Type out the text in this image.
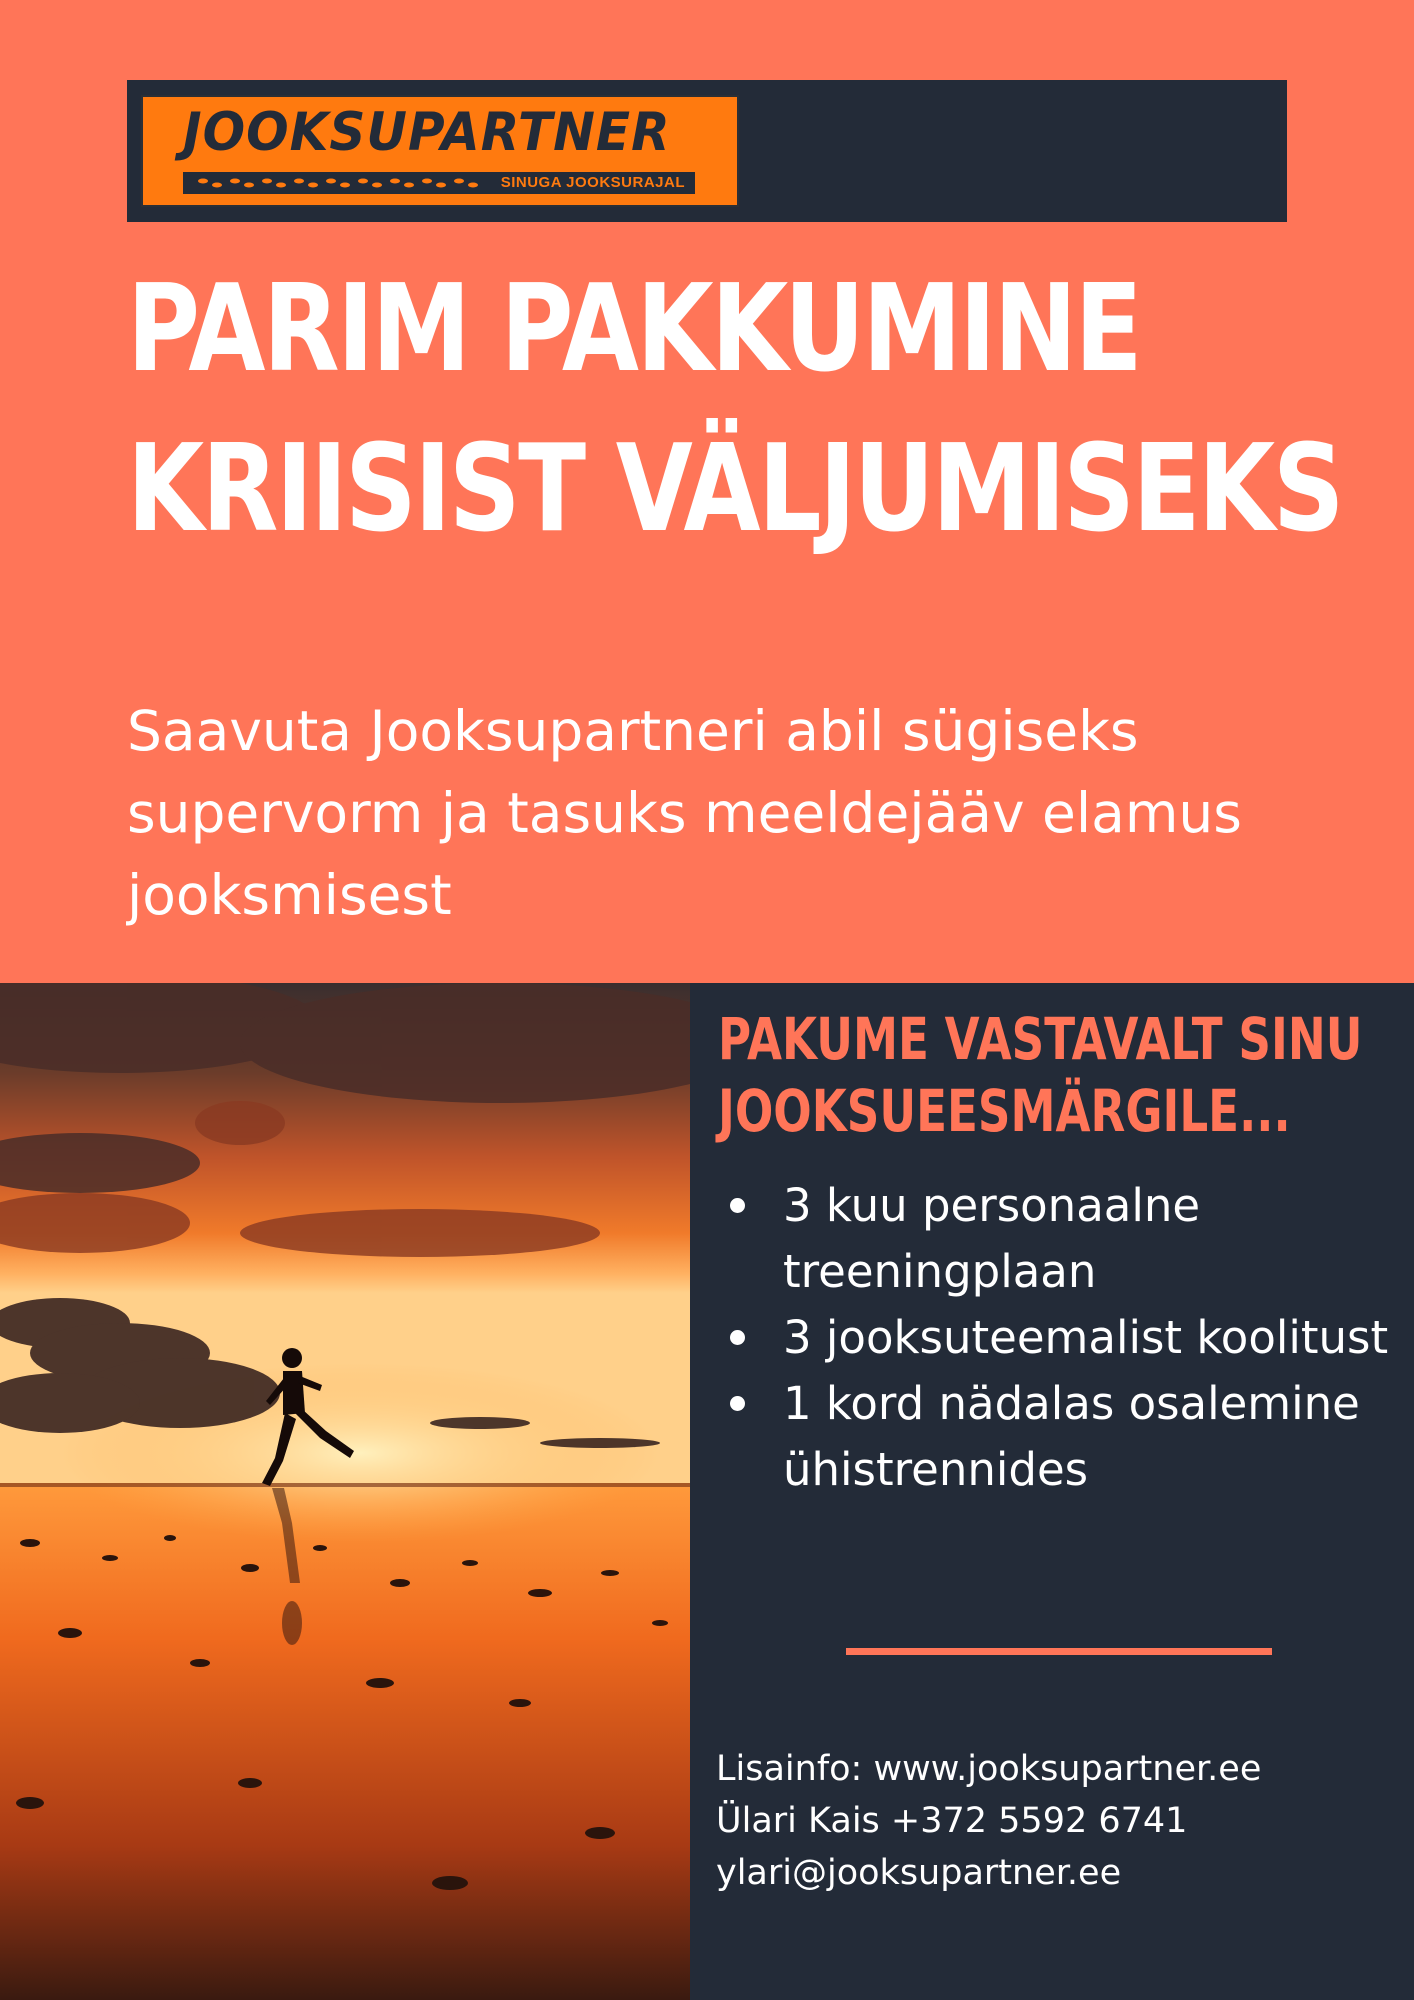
JOOKSUPARTNER
SINUGA JOOKSURAJAL
PARIM PAKKUMINE
KRIISIST VÄLJUMISEKS

Saavuta Jooksupartneri abil sügiseks supervorm ja tasuks meeldejääv elamus jooksmisest

PAKUME VASTAVALT SINU
JOOKSUEESMÄRGILE...
3 kuu personaalne treeningplaan
3 jooksuteemalist koolitust
1 kord nädalas osalemine ühistrennides
Lisainfo: www.jooksupartner.ee
Ülari Kais +372 5592 6741
ylari@jooksupartner.ee
